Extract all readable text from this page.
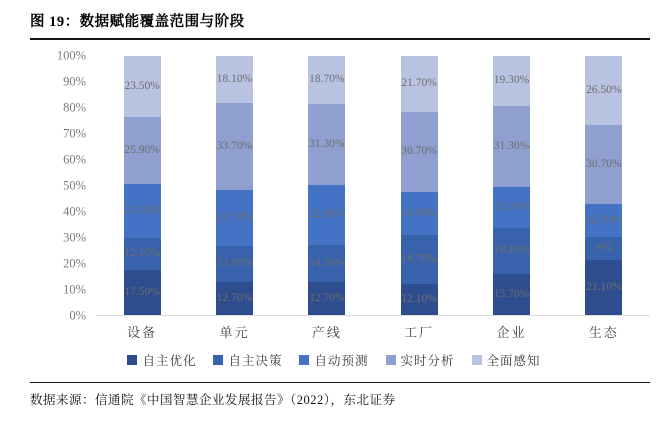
图 19：数据赋能覆盖范围与阶段
100%
90%
80%
70%
60%
50%
40%
30%
20%
10%
0%
17.50%
12.10%
21.10%
25.90%
23.50%
12.70%
13.90%
21.70%
33.70%
18.10%
12.70%
14.50%
22.90%
31.30%
18.70%
12.10%
18.70%
16.90%
30.70%
21.70%
15.70%
18.10%
15.70%
31.30%
19.30%
21.10%
9%
12.70%
30.70%
26.50%
设备	单元	产线	工厂	企业	生态
自主优化	自主决策	自动预测	实时分析	全面感知
数据来源：信通院《中国智慧企业发展报告》（2022），东北证券
